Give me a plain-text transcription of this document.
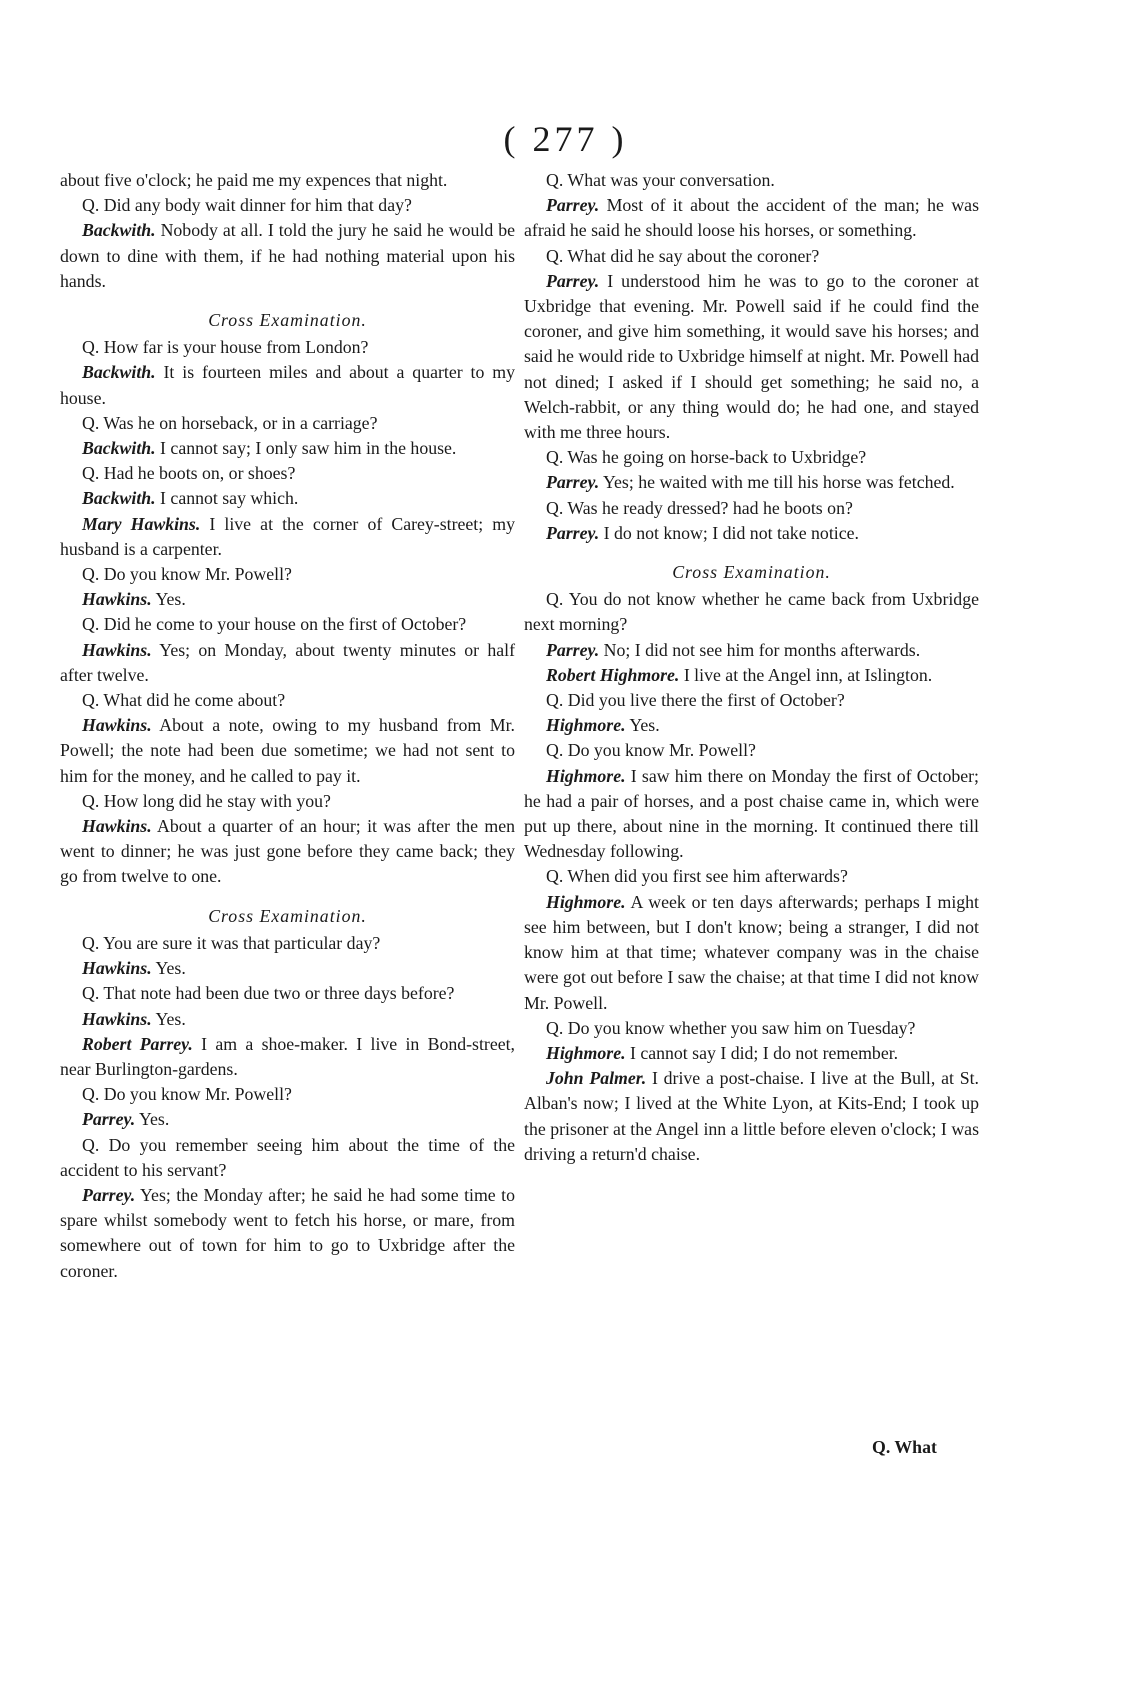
( 277 )

about five o'clock; he paid me my expences that night.

Q. Did any body wait dinner for him that day?

Backwith. Nobody at all. I told the jury he said he would be down to dine with them, if he had nothing material upon his hands.

Cross Examination.

Q. How far is your house from London?

Backwith. It is fourteen miles and about a quarter to my house.

Q. Was he on horseback, or in a carriage?

Backwith. I cannot say; I only saw him in the house.

Q. Had he boots on, or shoes?

Backwith. I cannot say which.

Mary Hawkins. I live at the corner of Carey-street; my husband is a carpenter.

Q. Do you know Mr. Powell?

Hawkins. Yes.

Q. Did he come to your house on the first of October?

Hawkins. Yes; on Monday, about twenty minutes or half after twelve.

Q. What did he come about?

Hawkins. About a note, owing to my husband from Mr. Powell; the note had been due sometime; we had not sent to him for the money, and he called to pay it.

Q. How long did he stay with you?

Hawkins. About a quarter of an hour; it was after the men went to dinner; he was just gone before they came back; they go from twelve to one.

Cross Examination.

Q. You are sure it was that particular day?

Hawkins. Yes.

Q. That note had been due two or three days before?

Hawkins. Yes.

Robert Parrey. I am a shoe-maker. I live in Bond-street, near Burlington-gardens.

Q. Do you know Mr. Powell?

Parrey. Yes.

Q. Do you remember seeing him about the time of the accident to his servant?

Parrey. Yes; the Monday after; he said he had some time to spare whilst somebody went to fetch his horse, or mare, from somewhere out of town for him to go to Uxbridge after the coroner.

Q. What was your conversation.

Parrey. Most of it about the accident of the man; he was afraid he said he should loose his horses, or something.

Q. What did he say about the coroner?

Parrey. I understood him he was to go to the coroner at Uxbridge that evening. Mr. Powell said if he could find the coroner, and give him something, it would save his horses; and said he would ride to Uxbridge himself at night. Mr. Powell had not dined; I asked if I should get something; he said no, a Welch-rabbit, or any thing would do; he had one, and stayed with me three hours.

Q. Was he going on horse-back to Uxbridge?

Parrey. Yes; he waited with me till his horse was fetched.

Q. Was he ready dressed? had he boots on?

Parrey. I do not know; I did not take notice.

Cross Examination.

Q. You do not know whether he came back from Uxbridge next morning?

Parrey. No; I did not see him for months afterwards.

Robert Highmore. I live at the Angel inn, at Islington.

Q. Did you live there the first of October?

Highmore. Yes.

Q. Do you know Mr. Powell?

Highmore. I saw him there on Monday the first of October; he had a pair of horses, and a post chaise came in, which were put up there, about nine in the morning. It continued there till Wednesday following.

Q. When did you first see him afterwards?

Highmore. A week or ten days afterwards; perhaps I might see him between, but I don't know; being a stranger, I did not know him at that time; whatever company was in the chaise were got out before I saw the chaise; at that time I did not know Mr. Powell.

Q. Do you know whether you saw him on Tuesday?

Highmore. I cannot say I did; I do not remember.

John Palmer. I drive a post-chaise. I live at the Bull, at St. Alban's now; I lived at the White Lyon, at Kits-End; I took up the prisoner at the Angel inn a little before eleven o'clock; I was driving a return'd chaise.

Q. What
